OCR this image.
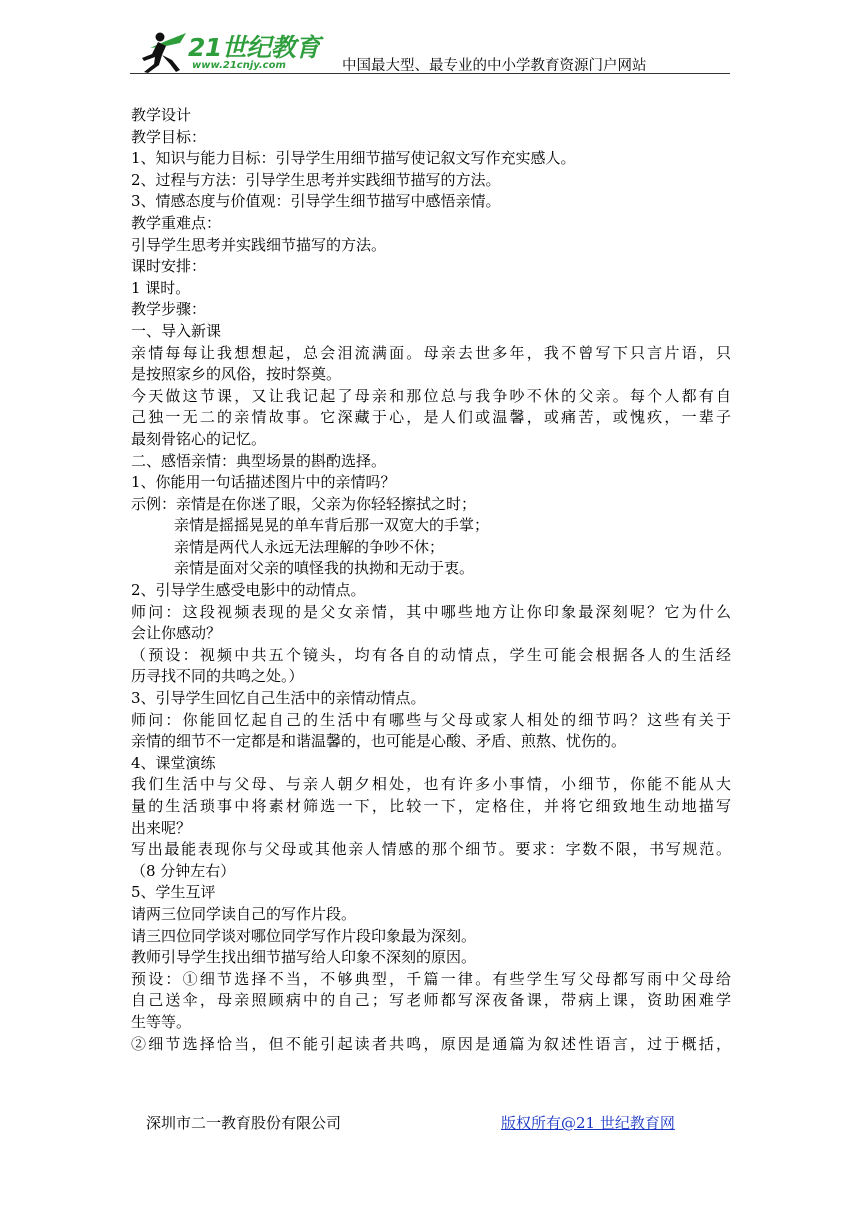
21世纪教育
www.21cnjy.com	中国最大型、最专业的中小学教育资源门户网站
教学设计
教学目标：
1、知识与能力目标：引导学生用细节描写使记叙文写作充实感人。
2、过程与方法：引导学生思考并实践细节描写的方法。
3、情感态度与价值观：引导学生细节描写中感悟亲情。
教学重难点：
引导学生思考并实践细节描写的方法。
课时安排：
1 课时。
教学步骤：
一、导入新课
亲情每每让我想想起，总会泪流满面。母亲去世多年，我不曾写下只言片语，只
是按照家乡的风俗，按时祭奠。
今天做这节课，又让我记起了母亲和那位总与我争吵不休的父亲。每个人都有自
己独一无二的亲情故事。它深藏于心，是人们或温馨，或痛苦，或愧疚，一辈子
最刻骨铭心的记忆。
二、感悟亲情：典型场景的斟酌选择。
1、你能用一句话描述图片中的亲情吗？
示例：亲情是在你迷了眼，父亲为你轻轻擦拭之时；
亲情是摇摇晃晃的单车背后那一双宽大的手掌；
亲情是两代人永远无法理解的争吵不休；
亲情是面对父亲的嗔怪我的执拗和无动于衷。
2、引导学生感受电影中的动情点。
师问：这段视频表现的是父女亲情，其中哪些地方让你印象最深刻呢？它为什么
会让你感动？
（预设：视频中共五个镜头，均有各自的动情点，学生可能会根据各人的生活经
历寻找不同的共鸣之处。）
3、引导学生回忆自己生活中的亲情动情点。
师问：你能回忆起自己的生活中有哪些与父母或家人相处的细节吗？这些有关于
亲情的细节不一定都是和谐温馨的，也可能是心酸、矛盾、煎熬、忧伤的。
4、课堂演练
我们生活中与父母、与亲人朝夕相处，也有许多小事情，小细节，你能不能从大
量的生活琐事中将素材筛选一下，比较一下，定格住，并将它细致地生动地描写
出来呢？
写出最能表现你与父母或其他亲人情感的那个细节。要求：字数不限，书写规范。
（8 分钟左右）
5、学生互评
请两三位同学读自己的写作片段。
请三四位同学谈对哪位同学写作片段印象最为深刻。
教师引导学生找出细节描写给人印象不深刻的原因。
预设：①细节选择不当，不够典型，千篇一律。有些学生写父母都写雨中父母给
自己送伞，母亲照顾病中的自己；写老师都写深夜备课，带病上课，资助困难学
生等等。
②细节选择恰当，但不能引起读者共鸣，原因是通篇为叙述性语言，过于概括，
深圳市二一教育股份有限公司	版权所有@21 世纪教育网
